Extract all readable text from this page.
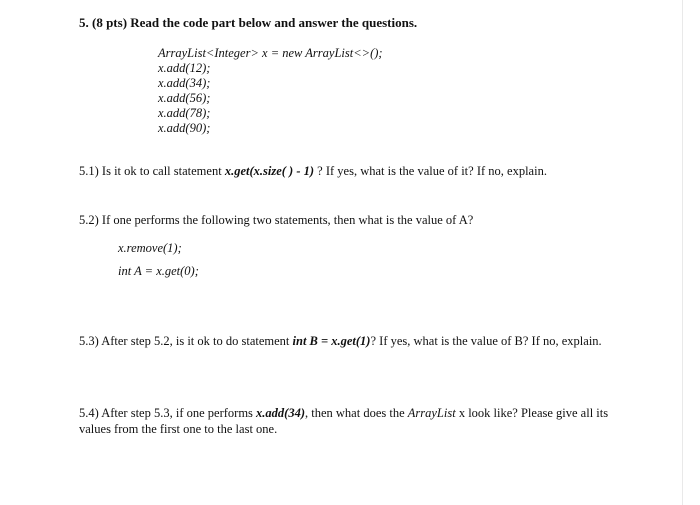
5. (8 pts) Read the code part below and answer the questions.
ArrayList<Integer> x = new ArrayList<>();
x.add(12);
x.add(34);
x.add(56);
x.add(78);
x.add(90);
5.1) Is it ok to call statement x.get(x.size( ) - 1) ? If yes, what is the value of it? If no, explain.
5.2) If one performs the following two statements, then what is the value of A?
x.remove(1);
int A = x.get(0);
5.3) After step 5.2, is it ok to do statement int B = x.get(1)? If yes, what is the value of B? If no, explain.
5.4) After step 5.3, if one performs x.add(34), then what does the ArrayList x look like? Please give all its
values from the first one to the last one.
